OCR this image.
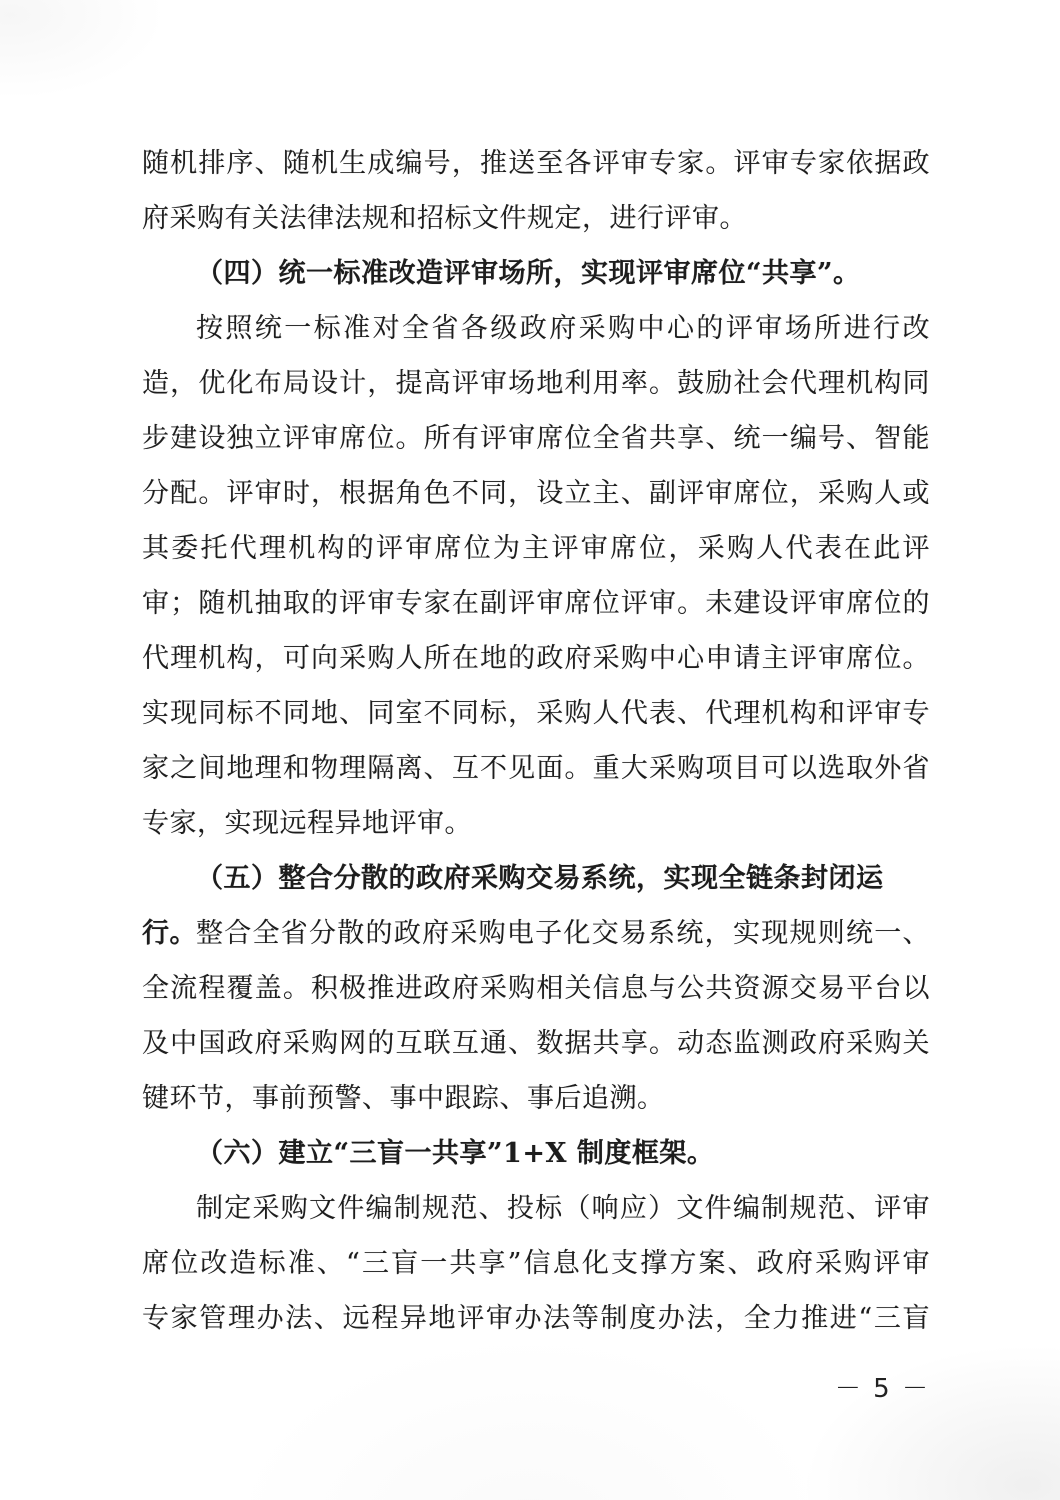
随机排序、随机生成编号，推送至各评审专家。评审专家依据政
府采购有关法律法规和招标文件规定，进行评审。
（四）统一标准改造评审场所，实现评审席位“共享”。
按照统一标准对全省各级政府采购中心的评审场所进行改
造，优化布局设计，提高评审场地利用率。鼓励社会代理机构同
步建设独立评审席位。所有评审席位全省共享、统一编号、智能
分配。评审时，根据角色不同，设立主、副评审席位，采购人或
其委托代理机构的评审席位为主评审席位，采购人代表在此评
审；随机抽取的评审专家在副评审席位评审。未建设评审席位的
代理机构，可向采购人所在地的政府采购中心申请主评审席位。
实现同标不同地、同室不同标，采购人代表、代理机构和评审专
家之间地理和物理隔离、互不见面。重大采购项目可以选取外省
专家，实现远程异地评审。
（五）整合分散的政府采购交易系统，实现全链条封闭运行。 整合全省分散的政府采购电子化交易系统，实现规则统一、
全流程覆盖。积极推进政府采购相关信息与公共资源交易平台以
及中国政府采购网的互联互通、数据共享。动态监测政府采购关
键环节，事前预警、事中跟踪、事后追溯。
（六）建立“三盲一共享”1+X 制度框架。
制定采购文件编制规范、投标（响应）文件编制规范、评审
席位改造标准、“三盲一共享”信息化支撑方案、政府采购评审
专家管理办法、远程异地评审办法等制度办法，全力推进“三盲
－ 5 －
